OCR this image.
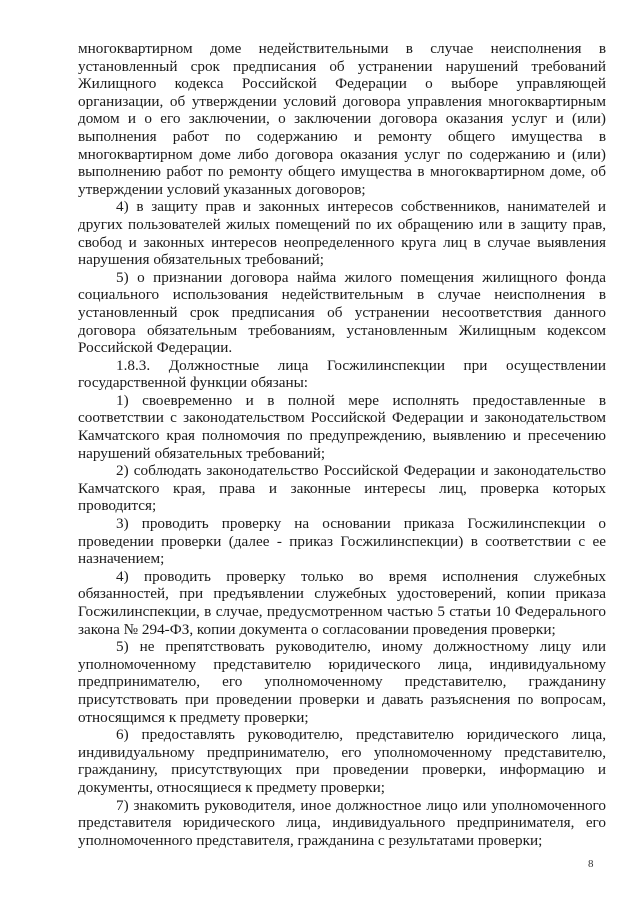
многоквартирном доме недействительными в случае неисполнения в установленный срок предписания об устранении нарушений требований Жилищного кодекса Российской Федерации о выборе управляющей организации, об утверждении условий договора управления многоквартирным домом и о его заключении, о заключении договора оказания услуг и (или) выполнения работ по содержанию и ремонту общего имущества в многоквартирном доме либо договора оказания услуг по содержанию и (или) выполнению работ по ремонту общего имущества в многоквартирном доме, об утверждении условий указанных договоров;

4) в защиту прав и законных интересов собственников, нанимателей и других пользователей жилых помещений по их обращению или в защиту прав, свобод и законных интересов неопределенного круга лиц в случае выявления нарушения обязательных требований;

5) о признании договора найма жилого помещения жилищного фонда социального использования недействительным в случае неисполнения в установленный срок предписания об устранении несоответствия данного договора обязательным требованиям, установленным Жилищным кодексом Российской Федерации.

1.8.3. Должностные лица Госжилинспекции при осуществлении государственной функции обязаны:

1) своевременно и в полной мере исполнять предоставленные в соответствии с законодательством Российской Федерации и законодательством Камчатского края полномочия по предупреждению, выявлению и пресечению нарушений обязательных требований;

2) соблюдать законодательство Российской Федерации и законодательство Камчатского края, права и законные интересы лиц, проверка которых проводится;

3) проводить проверку на основании приказа Госжилинспекции о проведении проверки (далее - приказ Госжилинспекции) в соответствии с ее назначением;

4) проводить проверку только во время исполнения служебных обязанностей, при предъявлении служебных удостоверений, копии приказа Госжилинспекции, в случае, предусмотренном частью 5 статьи 10 Федерального закона № 294-ФЗ, копии документа о согласовании проведения проверки;

5) не препятствовать руководителю, иному должностному лицу или уполномоченному представителю юридического лица, индивидуальному предпринимателю, его уполномоченному представителю, гражданину присутствовать при проведении проверки и давать разъяснения по вопросам, относящимся к предмету проверки;

6) предоставлять руководителю, представителю юридического лица, индивидуальному предпринимателю, его уполномоченному представителю, гражданину, присутствующих при проведении проверки, информацию и документы, относящиеся к предмету проверки;

7) знакомить руководителя, иное должностное лицо или уполномоченного представителя юридического лица, индивидуального предпринимателя, его уполномоченного представителя, гражданина с результатами проверки;

8
